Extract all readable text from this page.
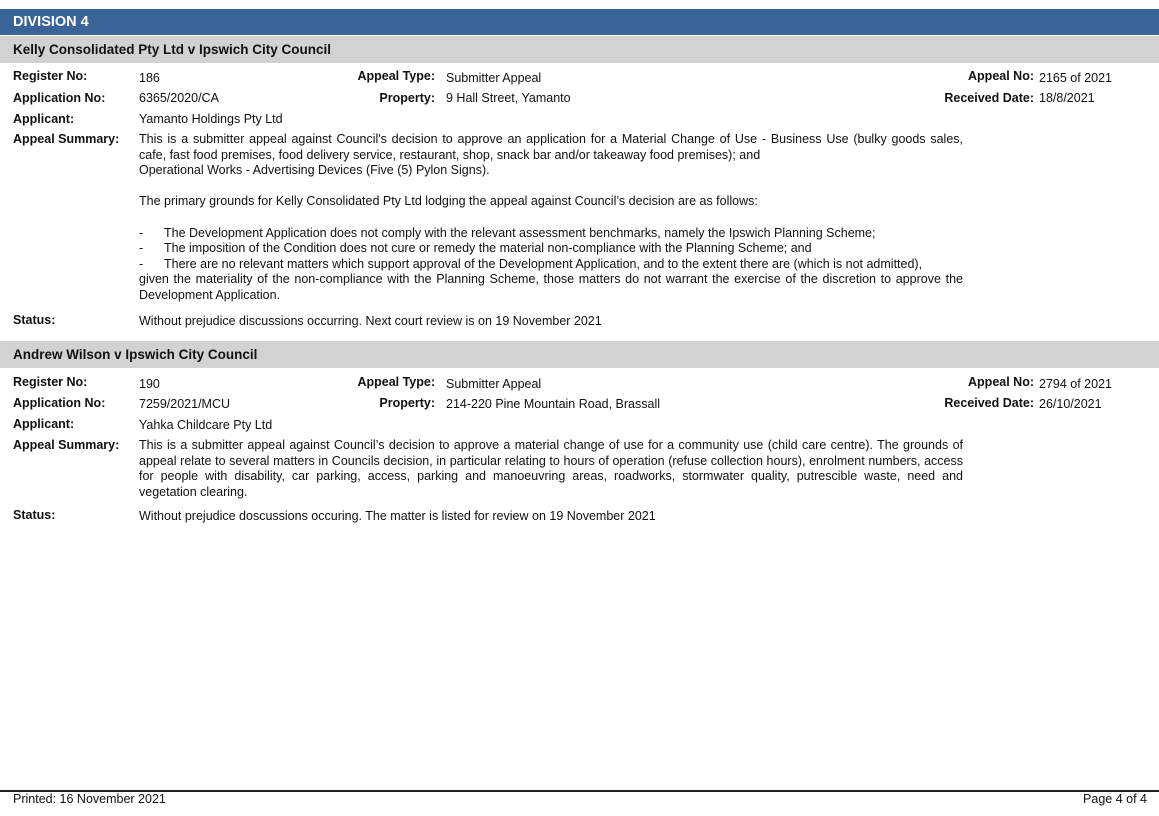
DIVISION 4
Kelly Consolidated Pty Ltd v Ipswich City Council
Register No:	186	Appeal Type: Submitter Appeal	Appeal No: 2165 of 2021
Application No:	6365/2020/CA	Property: 9 Hall Street, Yamanto	Received Date: 18/8/2021
Applicant:	Yamanto Holdings Pty Ltd
Appeal Summary: This is a submitter appeal against Council's decision to approve an application for a Material Change of Use - Business Use (bulky goods sales, cafe, fast food premises, food delivery service, restaurant, shop, snack bar and/or takeaway food premises); and

Operational Works - Advertising Devices (Five (5) Pylon Signs).

The primary grounds for Kelly Consolidated Pty Ltd lodging the appeal against Council’s decision are as follows:

-	The Development Application does not comply with the relevant assessment benchmarks, namely the Ipswich Planning Scheme;
-	The imposition of the Condition does not cure or remedy the material non-compliance with the Planning Scheme; and
-	There are no relevant matters which support approval of the Development Application, and to the extent there are (which is not admitted),

given the materiality of the non-compliance with the Planning Scheme, those matters do not warrant the exercise of the discretion to approve the Development Application.

Status:	Without prejudice discussions occurring. Next court review is on 19 November 2021
Andrew Wilson v Ipswich City Council
Register No:	190	Appeal Type: Submitter Appeal	Appeal No: 2794 of 2021
Application No:	7259/2021/MCU	Property: 214-220 Pine Mountain Road, Brassall	Received Date: 26/10/2021
Applicant:	Yahka Childcare Pty Ltd
Appeal Summary: This is a submitter appeal against Council’s decision to approve a material change of use for a community use (child care centre). The grounds of appeal relate to several matters in Councils decision, in particular relating to hours of operation (refuse collection hours), enrolment numbers, access for people with disability, car parking, access, parking and manoeuvring areas, roadworks, stormwater quality, putrescible waste, need and vegetation clearing.

Status:	Without prejudice doscussions occuring. The matter is listed for review on 19 November 2021
Printed: 16 November 2021	Page 4 of 4
